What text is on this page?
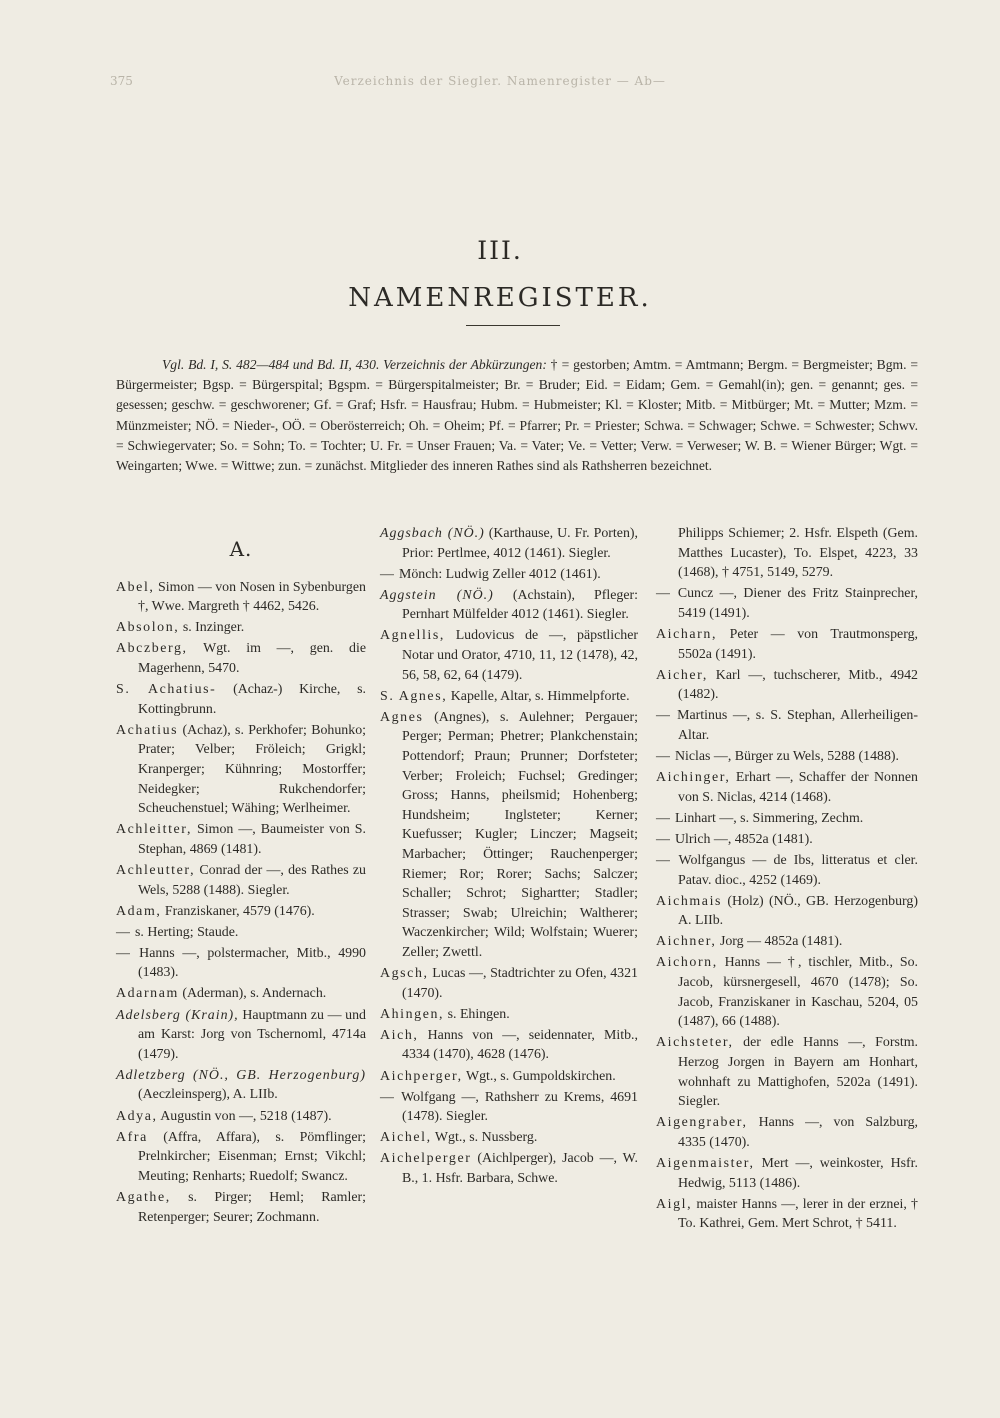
375	Verzeichnis der Siegler. Namenregister — Ab—
III.
NAMENREGISTER.

Vgl. Bd. I, S. 482—484 und Bd. II, 430. Verzeichnis der Abkürzungen: † = gestorben; Amtm. = Amtmann; Bergm. = Bergmeister; Bgm. = Bürgermeister; Bgsp. = Bürgerspital; Bgspm. = Bürgerspitalmeister; Br. = Bruder; Eid. = Eidam; Gem. = Gemahl(in); gen. = genannt; ges. = gesessen; geschw. = geschworener; Gf. = Graf; Hsfr. = Hausfrau; Hubm. = Hubmeister; Kl. = Kloster; Mitb. = Mitbürger; Mt. = Mutter; Mzm. = Münzmeister; NÖ. = Nieder-, OÖ. = Oberösterreich; Oh. = Oheim; Pf. = Pfarrer; Pr. = Priester; Schwa. = Schwager; Schwe. = Schwester; Schwv. = Schwiegervater; So. = Sohn; To. = Tochter; U. Fr. = Unser Frauen; Va. = Vater; Ve. = Vetter; Verw. = Verweser; W. B. = Wiener Bürger; Wgt. = Weingarten; Wwe. = Wittwe; zun. = zunächst. Mitglieder des inneren Rathes sind als Rathsherren bezeichnet.

A.

Abel, Simon — von Nosen in Sybenburgen †, Wwe. Margreth † 4462, 5426.

Absolon, s. Inzinger.

Abczberg, Wgt. im —, gen. die Magerhenn, 5470.

S. Achatius- (Achaz-) Kirche, s. Kottingbrunn.

Achatius (Achaz), s. Perkhofer; Bohunko; Prater; Velber; Fröleich; Grigkl; Kranperger; Kühnring; Mostorffer; Neidegker; Rukchendorfer; Scheuchenstuel; Wähing; Werlheimer.

Achleitter, Simon —, Baumeister von S. Stephan, 4869 (1481).

Achleutter, Conrad der —, des Rathes zu Wels, 5288 (1488). Siegler.

Adam, Franziskaner, 4579 (1476).

— s. Herting; Staude.

— Hanns —, polstermacher, Mitb., 4990 (1483).

Adarnam (Aderman), s. Andernach.

Adelsberg (Krain), Hauptmann zu — und am Karst: Jorg von Tschernoml, 4714a (1479).

Adletzberg (NÖ., GB. Herzogenburg) (Aeczleinsperg), A. LIIb.

Adya, Augustin von —, 5218 (1487).

Afra (Affra, Affara), s. Pömflinger; Prelnkircher; Eisenman; Ernst; Vikchl; Meuting; Renharts; Ruedolf; Swancz.

Agathe, s. Pirger; Heml; Ramler; Retenperger; Seurer; Zochmann.

Aggsbach (NÖ.) (Karthause, U. Fr. Porten), Prior: Pertlmee, 4012 (1461). Siegler.

— Mönch: Ludwig Zeller 4012 (1461).

Aggstein (NÖ.) (Achstain), Pfleger: Pernhart Mülfelder 4012 (1461). Siegler.

Agnellis, Ludovicus de —, päpstlicher Notar und Orator, 4710, 11, 12 (1478), 42, 56, 58, 62, 64 (1479).

S. Agnes, Kapelle, Altar, s. Himmelpforte.

Agnes (Angnes), s. Aulehner; Pergauer; Perger; Perman; Phetrer; Plankchenstain; Pottendorf; Praun; Prunner; Dorfsteter; Verber; Froleich; Fuchsel; Gredinger; Gross; Hanns, pheilsmid; Hohenberg; Hundsheim; Inglsteter; Kerner; Kuefusser; Kugler; Linczer; Magseit; Marbacher; Öttinger; Rauchenperger; Riemer; Ror; Rorer; Sachs; Salczer; Schaller; Schrot; Sighartter; Stadler; Strasser; Swab; Ulreichin; Waltherer; Waczenkircher; Wild; Wolfstain; Wuerer; Zeller; Zwettl.

Agsch, Lucas —, Stadtrichter zu Ofen, 4321 (1470).

Ahingen, s. Ehingen.

Aich, Hanns von —, seidennater, Mitb., 4334 (1470), 4628 (1476).

Aichperger, Wgt., s. Gumpoldskirchen.

— Wolfgang —, Rathsherr zu Krems, 4691 (1478). Siegler.

Aichel, Wgt., s. Nussberg.

Aichelperger (Aichlperger), Jacob —, W. B., 1. Hsfr. Barbara, Schwe.

Philipps Schiemer; 2. Hsfr. Elspeth (Gem. Matthes Lucaster), To. Elspet, 4223, 33 (1468), † 4751, 5149, 5279.

— Cuncz —, Diener des Fritz Stainprecher, 5419 (1491).

Aicharn, Peter — von Trautmonsperg, 5502a (1491).

Aicher, Karl —, tuchscherer, Mitb., 4942 (1482).

— Martinus —, s. S. Stephan, Allerheiligen-Altar.

— Niclas —, Bürger zu Wels, 5288 (1488).

Aichinger, Erhart —, Schaffer der Nonnen von S. Niclas, 4214 (1468).

— Linhart —, s. Simmering, Zechm.

— Ulrich —, 4852a (1481).

— Wolfgangus — de Ibs, litteratus et cler. Patav. dioc., 4252 (1469).

Aichmais (Holz) (NÖ., GB. Herzogenburg) A. LIIb.

Aichner, Jorg — 4852a (1481).

Aichorn, Hanns — †, tischler, Mitb., So. Jacob, kürsnergesell, 4670 (1478); So. Jacob, Franziskaner in Kaschau, 5204, 05 (1487), 66 (1488).

Aichsteter, der edle Hanns —, Forstm. Herzog Jorgen in Bayern am Honhart, wohnhaft zu Mattighofen, 5202a (1491). Siegler.

Aigengraber, Hanns —, von Salzburg, 4335 (1470).

Aigenmaister, Mert —, weinkoster, Hsfr. Hedwig, 5113 (1486).

Aigl, maister Hanns —, lerer in der erznei, † To. Kathrei, Gem. Mert Schrot, † 5411.
